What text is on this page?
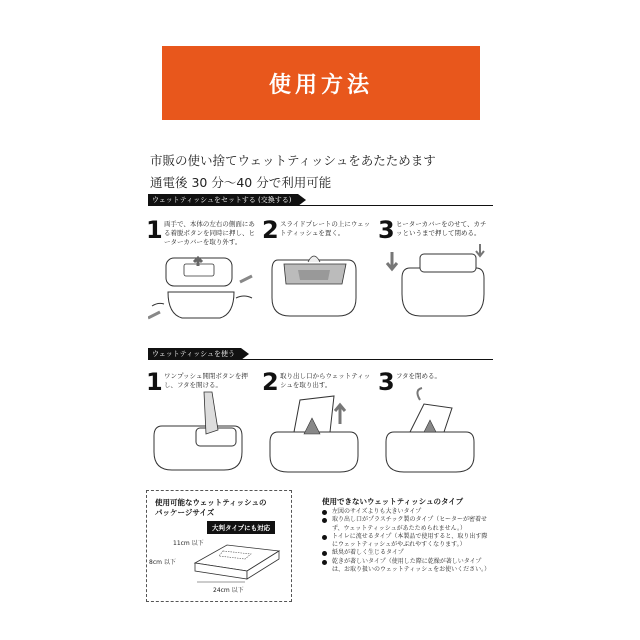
使用方法
市販の使い捨てウェットティッシュをあたためます
通電後 30 分〜40 分で利用可能
ウェットティッシュをセットする (交換する)
1 両手で、本体の左右の側面にある着脱ボタンを同時に押し、ヒーターカバーを取り外す。 2 スライドプレートの上にウェットティッシュを置く。	3 ヒーターカバーをのせて、カチッというまで押して閉める。
ウェットティッシュを使う
1 ワンプッシュ開閉ボタンを押し、フタを開ける。	2 取り出し口からウェットティッシュを取り出す。	3 フタを閉める。
使用可能なウェットティッシュの
パッケージサイズ
大判タイプにも対応
11cm 以下
8cm 以下
24cm 以下
使用できないウェットティッシュのタイプ
左図のサイズよりも大きいタイプ
取り出し口がプラスチック製のタイプ（ヒーターが密着せず、ウェットティッシュがあたためられません。）
トイレに流せるタイプ（本製品で使用すると、取り出す際にウェットティッシュがやぶれやすくなります。）
紙臭が着しく生じるタイプ
乾きが著しいタイプ（使用した際に乾燥が著しいタイプは、お取り扱いのウェットティッシュをお使いください。）
